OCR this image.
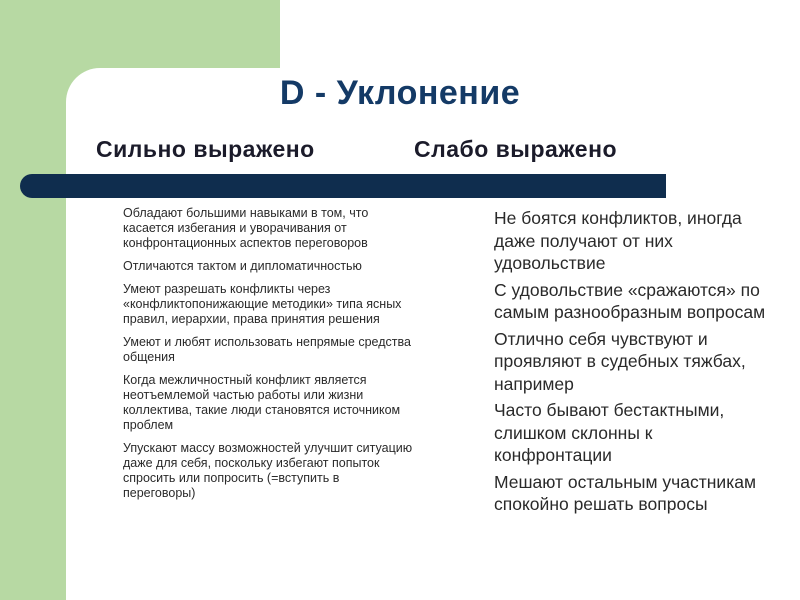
D - Уклонение
Сильно выражено	Слабо выражено
Обладают большими навыками в том, что касается избегания и уворачивания от конфронтационных аспектов переговоров
Отличаются тактом и дипломатичностью
Умеют разрешать конфликты через «конфликтопонижающие методики» типа ясных правил, иерархии, права принятия решения
Умеют и любят использовать непрямые средства общения
Когда межличностный конфликт является неотъемлемой частью работы или жизни коллектива, такие люди становятся источником проблем
Упускают массу возможностей улучшит ситуацию даже для себя, поскольку избегают попыток спросить или попросить (=вступить в переговоры)
Не боятся конфликтов, иногда даже получают от них удовольствие
С удовольствие «сражаются» по самым разнообразным вопросам
Отлично себя чувствуют и проявляют в судебных тяжбах, например
Часто бывают бестактными, слишком склонны к конфронтации
Мешают остальным участникам спокойно решать вопросы
